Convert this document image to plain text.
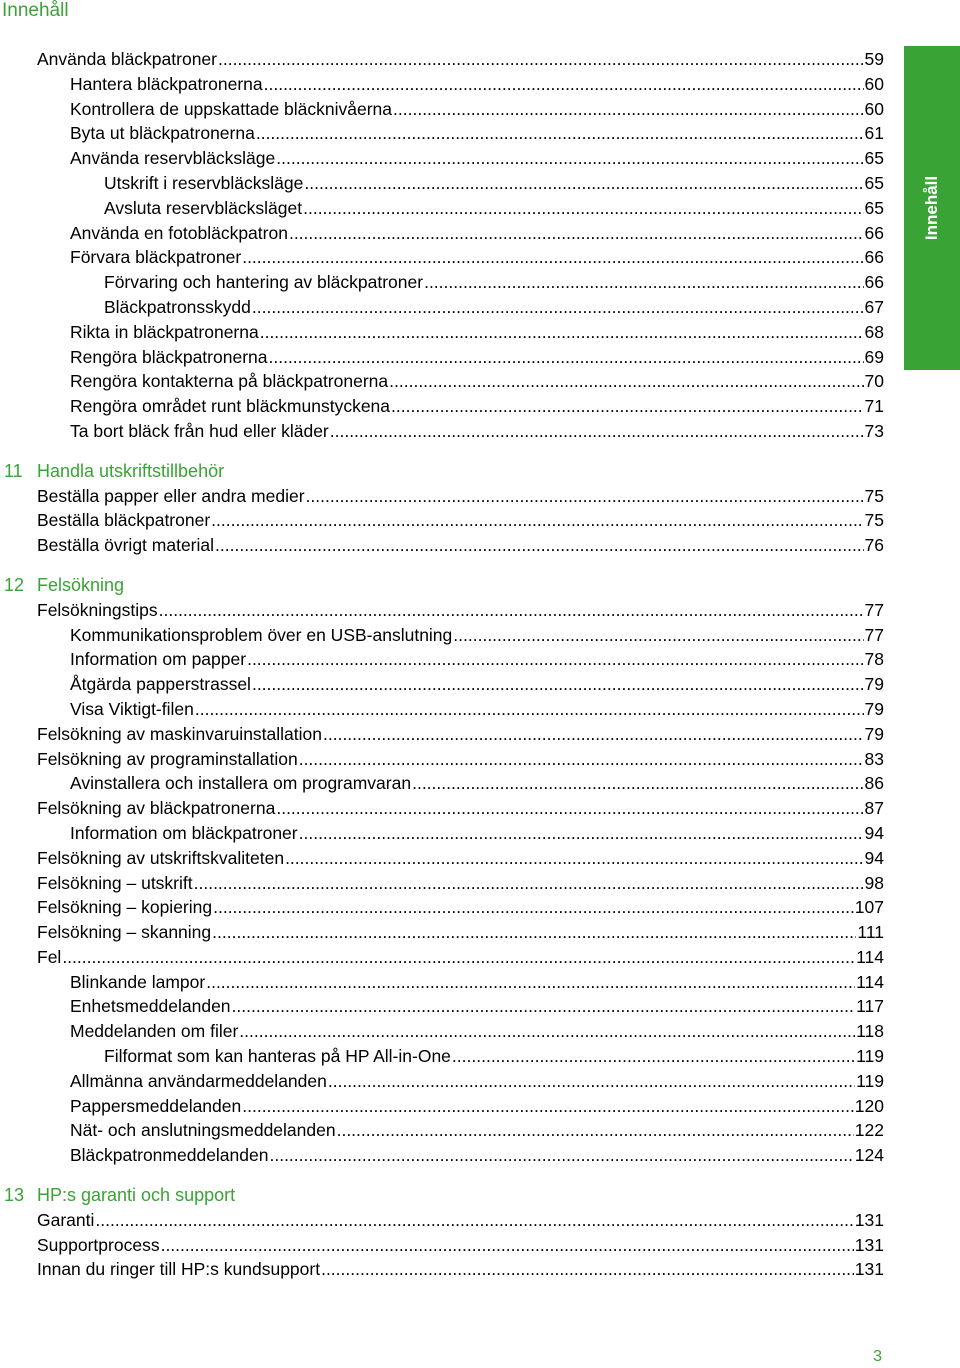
Innehåll
Innehåll
Använda bläckpatroner .....	59
Hantera bläckpatronerna .....	60
Kontrollera de uppskattade bläcknivåerna .....	60
Byta ut bläckpatronerna .....	61
Använda reservbläcksläge .....	65
Utskrift i reservbläcksläge .....	65
Avsluta reservbläcksläget .....	65
Använda en fotobläckpatron .....	66
Förvara bläckpatroner .....	66
Förvaring och hantering av bläckpatroner .....	66
Bläckpatronsskydd .....	67
Rikta in bläckpatronerna .....	68
Rengöra bläckpatronerna .....	69
Rengöra kontakterna på bläckpatronerna .....	70
Rengöra området runt bläckmunstyckena .....	71
Ta bort bläck från hud eller kläder .....	73
11 Handla utskriftstillbehör
Beställa papper eller andra medier .....	75
Beställa bläckpatroner .....	75
Beställa övrigt material .....	76
12 Felsökning
Felsökningstips .....	77
Kommunikationsproblem över en USB-anslutning .....	77
Information om papper .....	78
Åtgärda papperstrassel .....	79
Visa Viktigt-filen .....	79
Felsökning av maskinvaruinstallation .....	79
Felsökning av programinstallation .....	83
Avinstallera och installera om programvaran .....	86
Felsökning av bläckpatronerna .....	87
Information om bläckpatroner .....	94
Felsökning av utskriftskvaliteten .....	94
Felsökning – utskrift .....	98
Felsökning – kopiering .....	107
Felsökning – skanning .....	111
Fel .....	114
Blinkande lampor .....	114
Enhetsmeddelanden .....	117
Meddelanden om filer .....	118
Filformat som kan hanteras på HP All-in-One .....	119
Allmänna användarmeddelanden .....	119
Pappersmeddelanden .....	120
Nät- och anslutningsmeddelanden .....	122
Bläckpatronmeddelanden .....	124
13 HP:s garanti och support
Garanti .....	131
Supportprocess .....	131
Innan du ringer till HP:s kundsupport .....	131
3
